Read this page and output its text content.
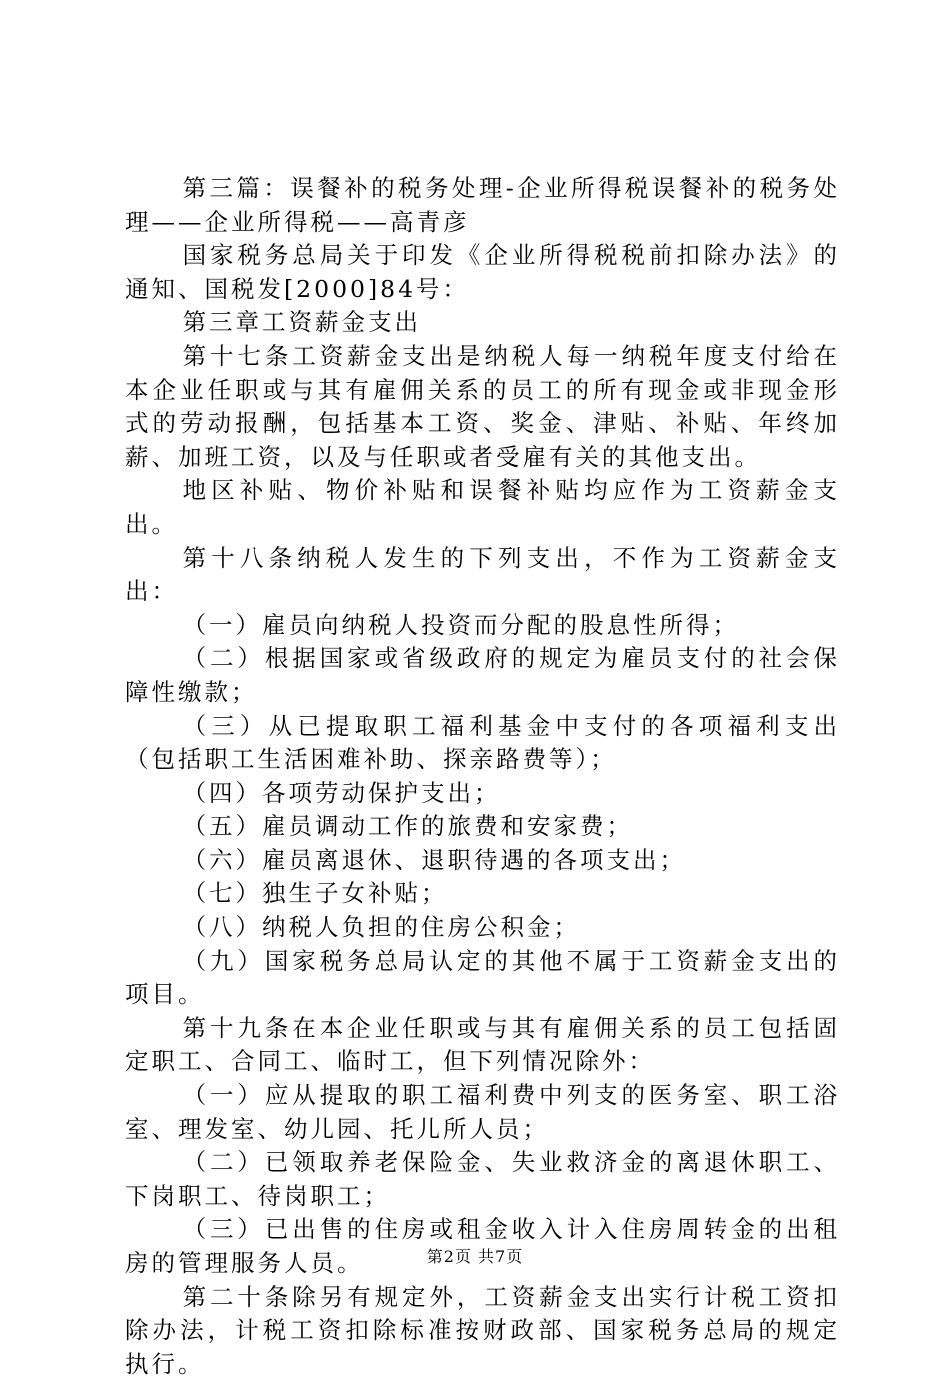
第三篇：误餐补的税务处理-企业所得税误餐补的税务处理——企业所得税——高青彦

国家税务总局关于印发《企业所得税税前扣除办法》的通知、国税发[2000]84号：

第三章工资薪金支出

第十七条工资薪金支出是纳税人每一纳税年度支付给在本企业任职或与其有雇佣关系的员工的所有现金或非现金形式的劳动报酬，包括基本工资、奖金、津贴、补贴、年终加薪、加班工资，以及与任职或者受雇有关的其他支出。

地区补贴、物价补贴和误餐补贴均应作为工资薪金支出。

第十八条纳税人发生的下列支出，不作为工资薪金支出：

（一）雇员向纳税人投资而分配的股息性所得；

（二）根据国家或省级政府的规定为雇员支付的社会保障性缴款；

（三）从已提取职工福利基金中支付的各项福利支出（包括职工生活困难补助、探亲路费等）；

（四）各项劳动保护支出；

（五）雇员调动工作的旅费和安家费；

（六）雇员离退休、退职待遇的各项支出；

（七）独生子女补贴；

（八）纳税人负担的住房公积金；

（九）国家税务总局认定的其他不属于工资薪金支出的项目。

第十九条在本企业任职或与其有雇佣关系的员工包括固定职工、合同工、临时工，但下列情况除外：

（一）应从提取的职工福利费中列支的医务室、职工浴室、理发室、幼儿园、托儿所人员；

（二）已领取养老保险金、失业救济金的离退休职工、下岗职工、待岗职工；

（三）已出售的住房或租金收入计入住房周转金的出租房的管理服务人员。

第二十条除另有规定外，工资薪金支出实行计税工资扣除办法，计税工资扣除标准按财政部、国家税务总局的规定执行。

第2页 共7页
